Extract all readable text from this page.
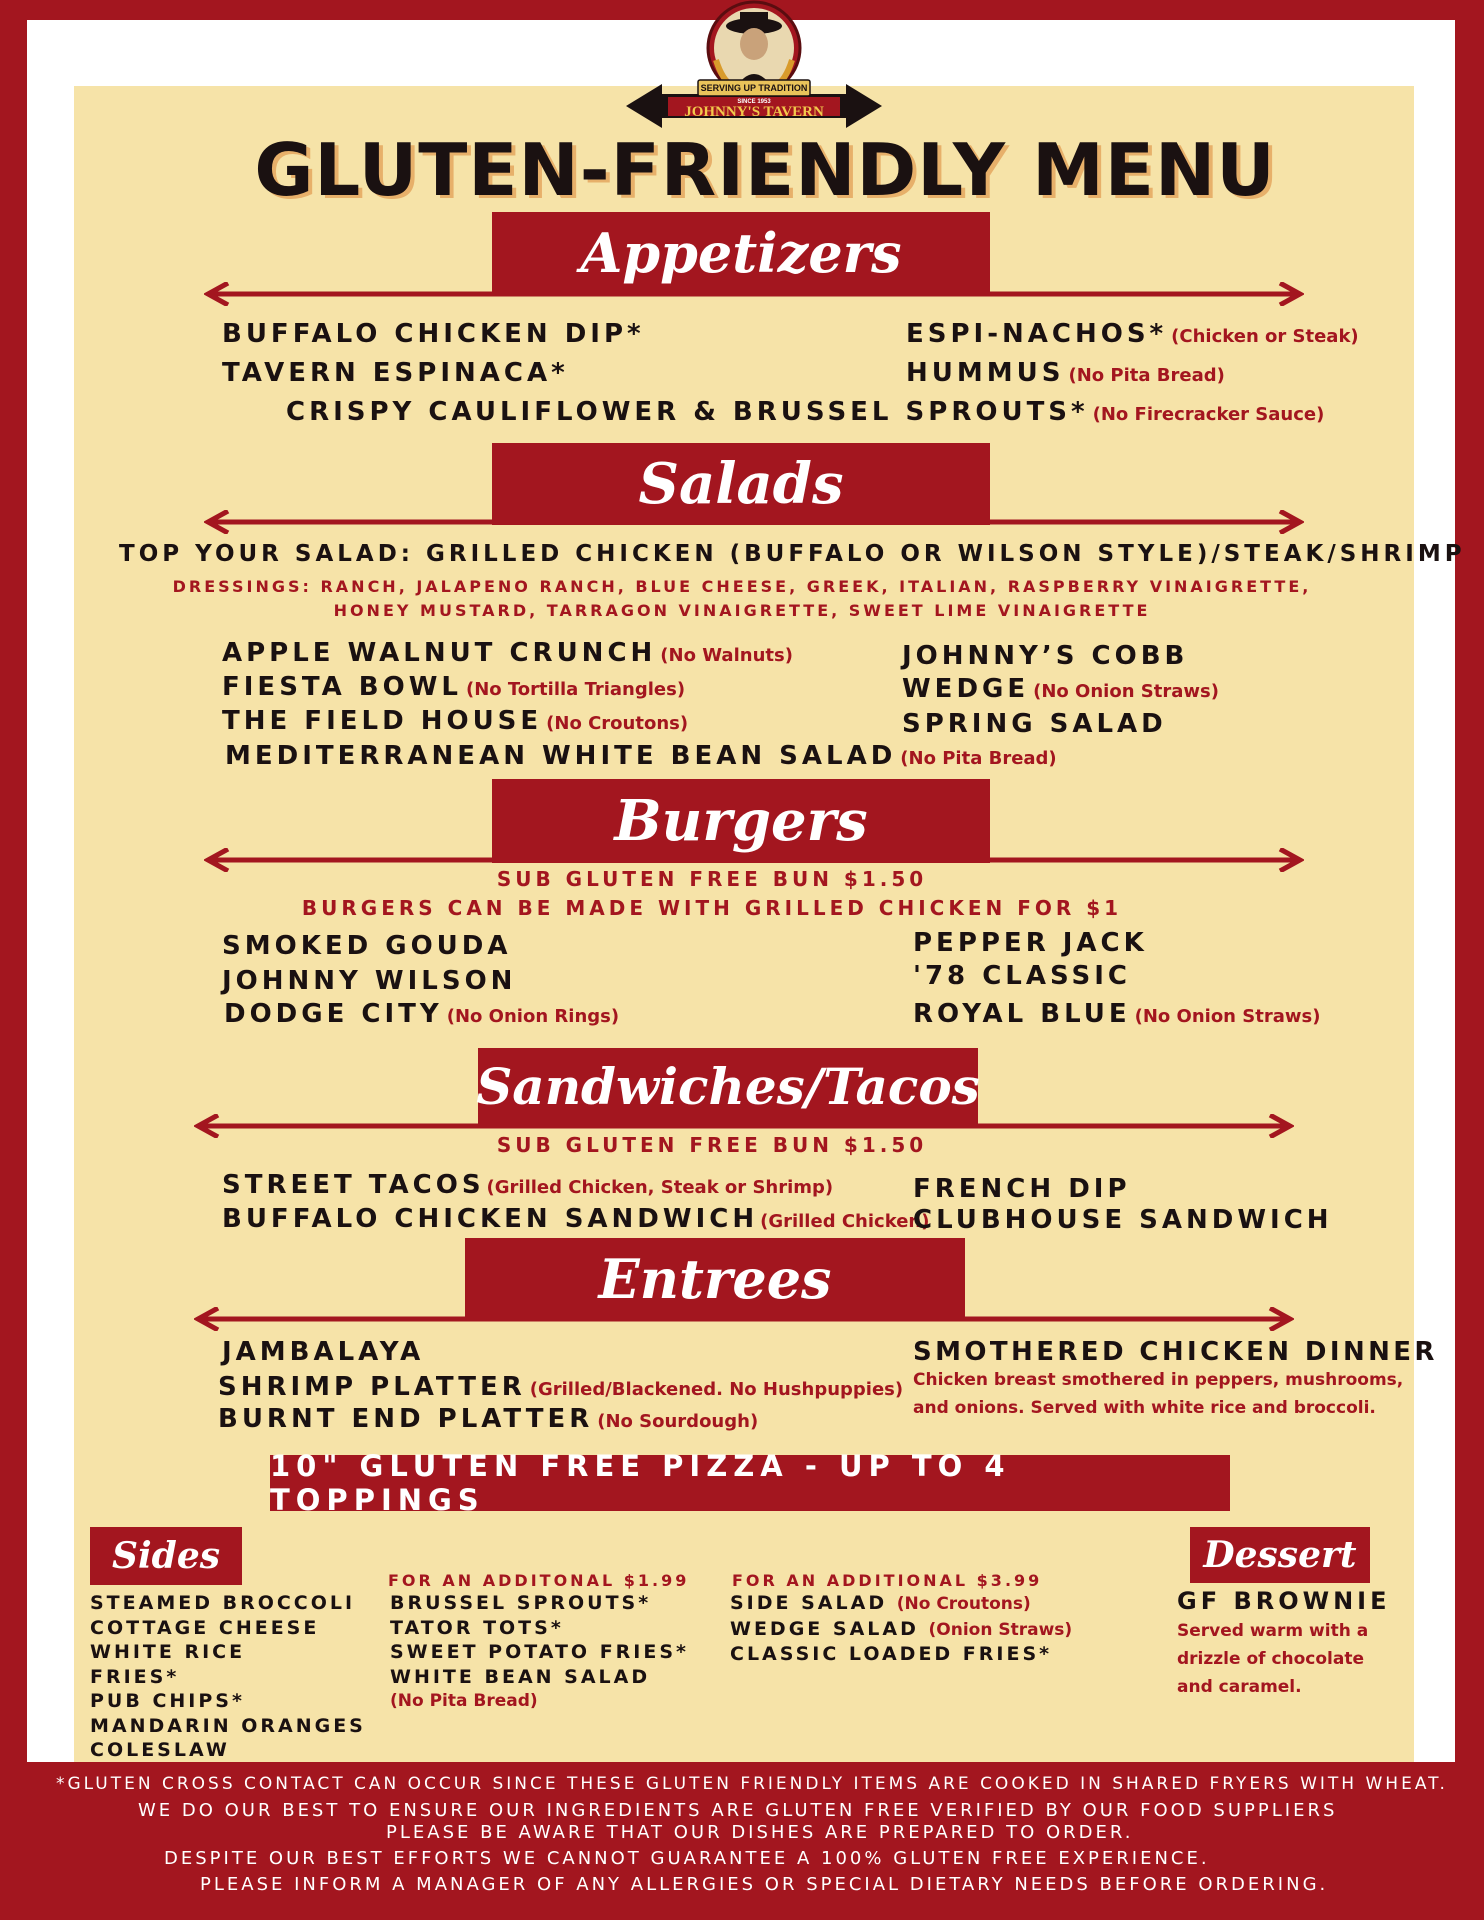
SERVING UP TRADITION
SINCE 1953
JOHNNY'S TAVERN
GLUTEN-FRIENDLY MENU
Appetizers
BUFFALO CHICKEN DIP*
TAVERN ESPINACA*
ESPI-NACHOS* (Chicken or Steak)
HUMMUS (No Pita Bread)
CRISPY CAULIFLOWER & BRUSSEL SPROUTS* (No Firecracker Sauce)
Salads
TOP YOUR SALAD: GRILLED CHICKEN (BUFFALO OR WILSON STYLE)/STEAK/SHRIMP
DRESSINGS: RANCH, JALAPENO RANCH, BLUE CHEESE, GREEK, ITALIAN, RASPBERRY VINAIGRETTE,
HONEY MUSTARD, TARRAGON VINAIGRETTE, SWEET LIME VINAIGRETTE
APPLE WALNUT CRUNCH (No Walnuts)
FIESTA BOWL (No Tortilla Triangles)
THE FIELD HOUSE (No Croutons)
MEDITERRANEAN WHITE BEAN SALAD (No Pita Bread)
JOHNNY’S COBB
WEDGE (No Onion Straws)
SPRING SALAD
Burgers
SUB GLUTEN FREE BUN $1.50
BURGERS CAN BE MADE WITH GRILLED CHICKEN FOR $1
SMOKED GOUDA
JOHNNY WILSON
DODGE CITY (No Onion Rings)
PEPPER JACK
'78 CLASSIC
ROYAL BLUE (No Onion Straws)
Sandwiches/Tacos
SUB GLUTEN FREE BUN $1.50
STREET TACOS (Grilled Chicken, Steak or Shrimp)
BUFFALO CHICKEN SANDWICH (Grilled Chicken)
FRENCH DIP
CLUBHOUSE SANDWICH
Entrees
JAMBALAYA
SHRIMP PLATTER (Grilled/Blackened. No Hushpuppies)
BURNT END PLATTER (No Sourdough)
SMOTHERED CHICKEN DINNER
Chicken breast smothered in peppers, mushrooms,
and onions. Served with white rice and broccoli.
10" GLUTEN FREE PIZZA - UP TO 4 TOPPINGS
Sides
STEAMED BROCCOLI
COTTAGE CHEESE
WHITE RICE
FRIES*
PUB CHIPS*
MANDARIN ORANGES
COLESLAW
FOR AN ADDITONAL $1.99
BRUSSEL SPROUTS*
TATOR TOTS*
SWEET POTATO FRIES*
WHITE BEAN SALAD
(No Pita Bread)
FOR AN ADDITIONAL $3.99
SIDE SALAD (No Croutons)
WEDGE SALAD (Onion Straws)
CLASSIC LOADED FRIES*
Dessert
GF BROWNIE
Served warm with a
drizzle of chocolate
and caramel.
*GLUTEN CROSS CONTACT CAN OCCUR SINCE THESE GLUTEN FRIENDLY ITEMS ARE COOKED IN SHARED FRYERS WITH WHEAT.
WE DO OUR BEST TO ENSURE OUR INGREDIENTS ARE GLUTEN FREE VERIFIED BY OUR FOOD SUPPLIERS
PLEASE BE AWARE THAT OUR DISHES ARE PREPARED TO ORDER.
DESPITE OUR BEST EFFORTS WE CANNOT GUARANTEE A 100% GLUTEN FREE EXPERIENCE.
PLEASE INFORM A MANAGER OF ANY ALLERGIES OR SPECIAL DIETARY NEEDS BEFORE ORDERING.
